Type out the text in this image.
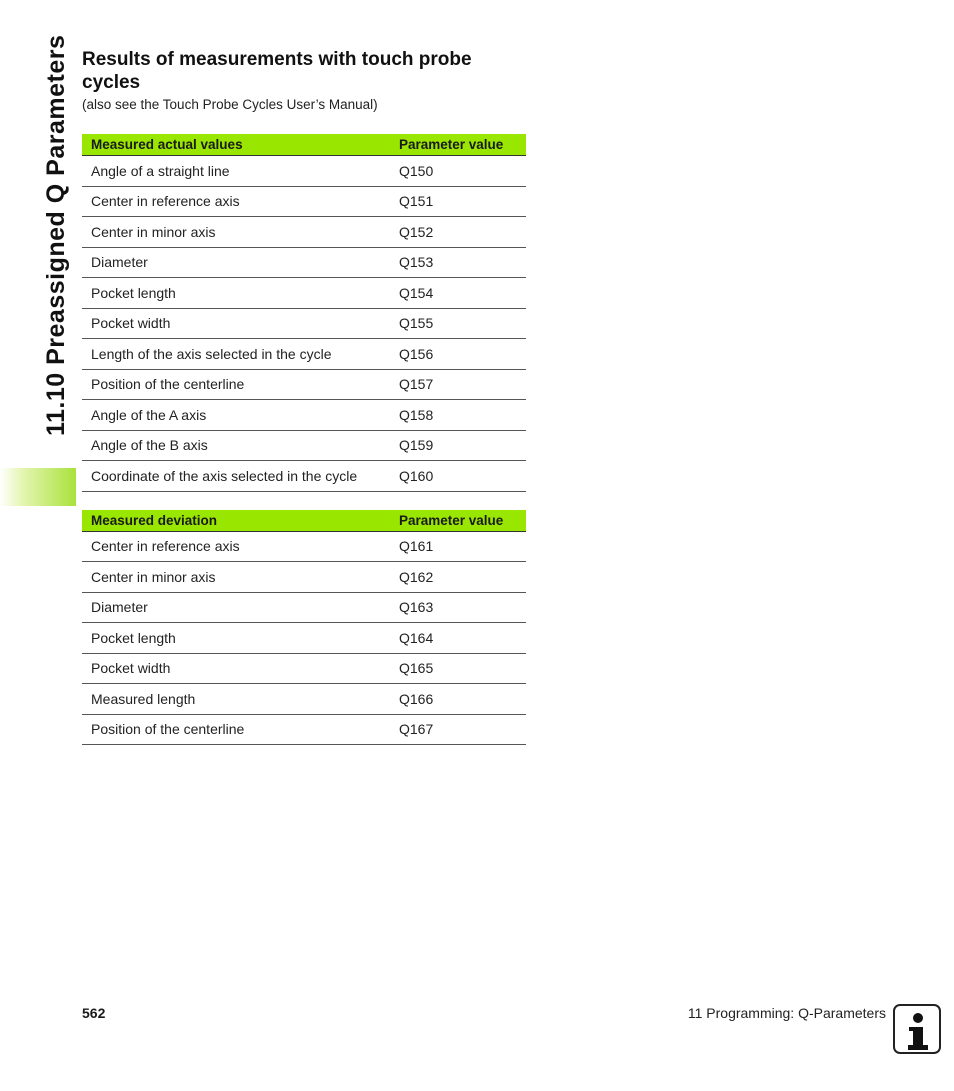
11.10 Preassigned Q Parameters Results of measurements with touch probe cycles
(also see the Touch Probe Cycles User’s Manual)
Measured actual values	Parameter value
Angle of a straight line	Q150
Center in reference axis	Q151
Center in minor axis	Q152
Diameter	Q153
Pocket length	Q154
Pocket width	Q155
Length of the axis selected in the cycle	Q156
Position of the centerline	Q157
Angle of the A axis	Q158
Angle of the B axis	Q159
Coordinate of the axis selected in the cycle	Q160
Measured deviation	Parameter value
Center in reference axis	Q161
Center in minor axis	Q162
Diameter	Q163
Pocket length	Q164
Pocket width	Q165
Measured length	Q166
Position of the centerline	Q167
562	11 Programming: Q-Parameters
